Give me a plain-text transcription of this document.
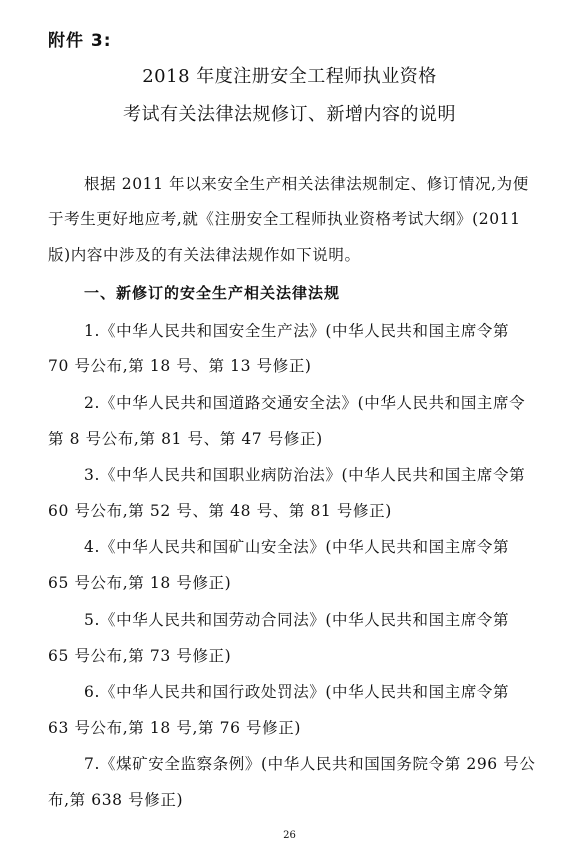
附件 3:
2018 年度注册安全工程师执业资格
考试有关法律法规修订、新增内容的说明
根据 2011 年以来安全生产相关法律法规制定、修订情况,为便
于考生更好地应考,就《注册安全工程师执业资格考试大纲》(2011
版)内容中涉及的有关法律法规作如下说明。
一、新修订的安全生产相关法律法规
1.《中华人民共和国安全生产法》(中华人民共和国主席令第
70 号公布,第 18 号、第 13 号修正)
2.《中华人民共和国道路交通安全法》(中华人民共和国主席令
第 8 号公布,第 81 号、第 47 号修正)
3.《中华人民共和国职业病防治法》(中华人民共和国主席令第
60 号公布,第 52 号、第 48 号、第 81 号修正)
4.《中华人民共和国矿山安全法》(中华人民共和国主席令第
65 号公布,第 18 号修正)
5.《中华人民共和国劳动合同法》(中华人民共和国主席令第
65 号公布,第 73 号修正)
6.《中华人民共和国行政处罚法》(中华人民共和国主席令第
63 号公布,第 18 号,第 76 号修正)
7.《煤矿安全监察条例》(中华人民共和国国务院令第 296 号公
布,第 638 号修正)
26
